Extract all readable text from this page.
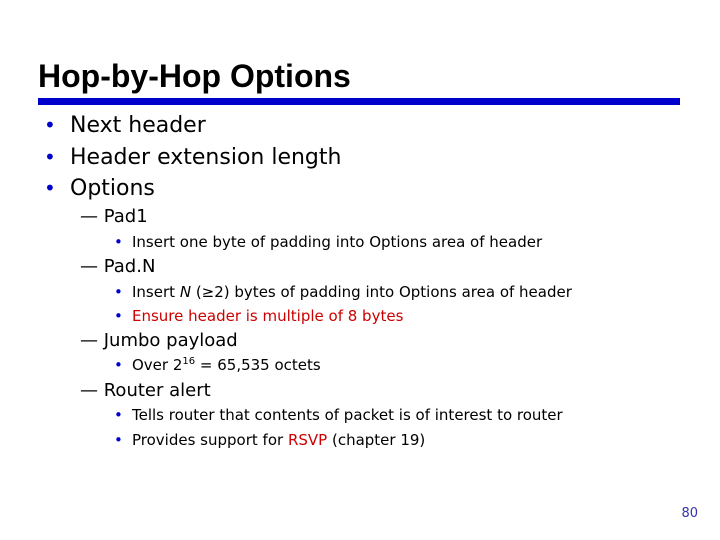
Hop-by-Hop Options
• Next header
• Header extension length
• Options
— Pad1
• Insert one byte of padding into Options area of header
— Pad.N
• Insert N (≥2) bytes of padding into Options area of header
• Ensure header is multiple of 8 bytes
— Jumbo payload
• Over $2^{16} = 65,535$ octets
— Router alert
• Tells router that contents of packet is of interest to router
• Provides support for RSVP (chapter 19)
80
